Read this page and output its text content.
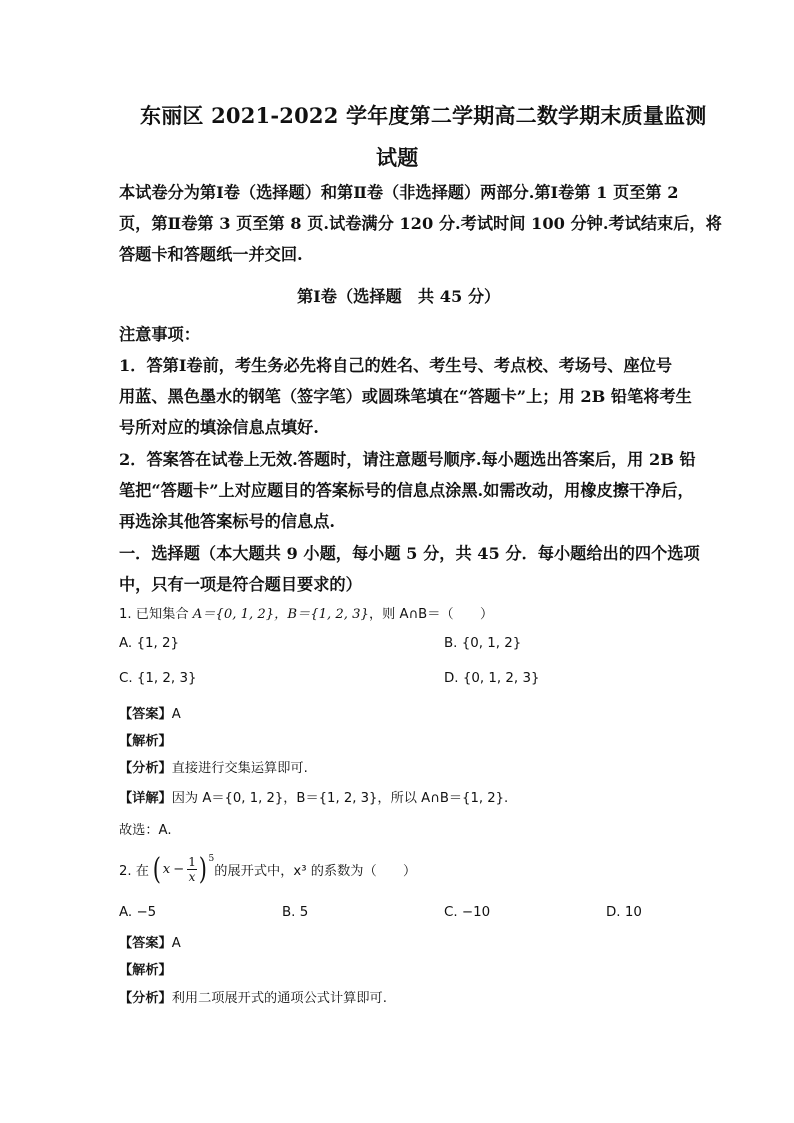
东丽区 2021-2022 学年度第二学期高二数学期末质量监测
试题
本试卷分为第Ⅰ卷（选择题）和第Ⅱ卷（非选择题）两部分.第Ⅰ卷第 1 页至第 2
页，第Ⅱ卷第 3 页至第 8 页.试卷满分 120 分.考试时间 100 分钟.考试结束后，将
答题卡和答题纸一并交回.
第Ⅰ卷（选择题　共 45 分）
注意事项：
1．答第Ⅰ卷前，考生务必先将自己的姓名、考生号、考点校、考场号、座位号
用蓝、黑色墨水的钢笔（签字笔）或圆珠笔填在“答题卡”上；用 2B 铅笔将考生
号所对应的填涂信息点填好.
2．答案答在试卷上无效.答题时，请注意题号顺序.每小题选出答案后，用 2B 铅
笔把“答题卡”上对应题目的答案标号的信息点涂黑.如需改动，用橡皮擦干净后，
再选涂其他答案标号的信息点.
一．选择题（本大题共 9 小题，每小题 5 分，共 45 分．每小题给出的四个选项
中，只有一项是符合题目要求的）
1. 已知集合 A＝{0, 1, 2}，B＝{1, 2, 3}，则 A∩B＝（　　）
A. {1, 2}	B. {0, 1, 2}
C. {1, 2, 3}	D. {0, 1, 2, 3}
【答案】A
【解析】
【分析】直接进行交集运算即可.
【详解】因为 A＝{0, 1, 2}，B＝{1, 2, 3}，所以 A∩B＝{1, 2}.
故选：A.
2. 在 ( $x - \frac{1}{x}$ ) 5
的展开式中，x³ 的系数为（　　）
A. −5	B. 5	C. −10	D. 10
【答案】A
【解析】
【分析】利用二项展开式的通项公式计算即可.
